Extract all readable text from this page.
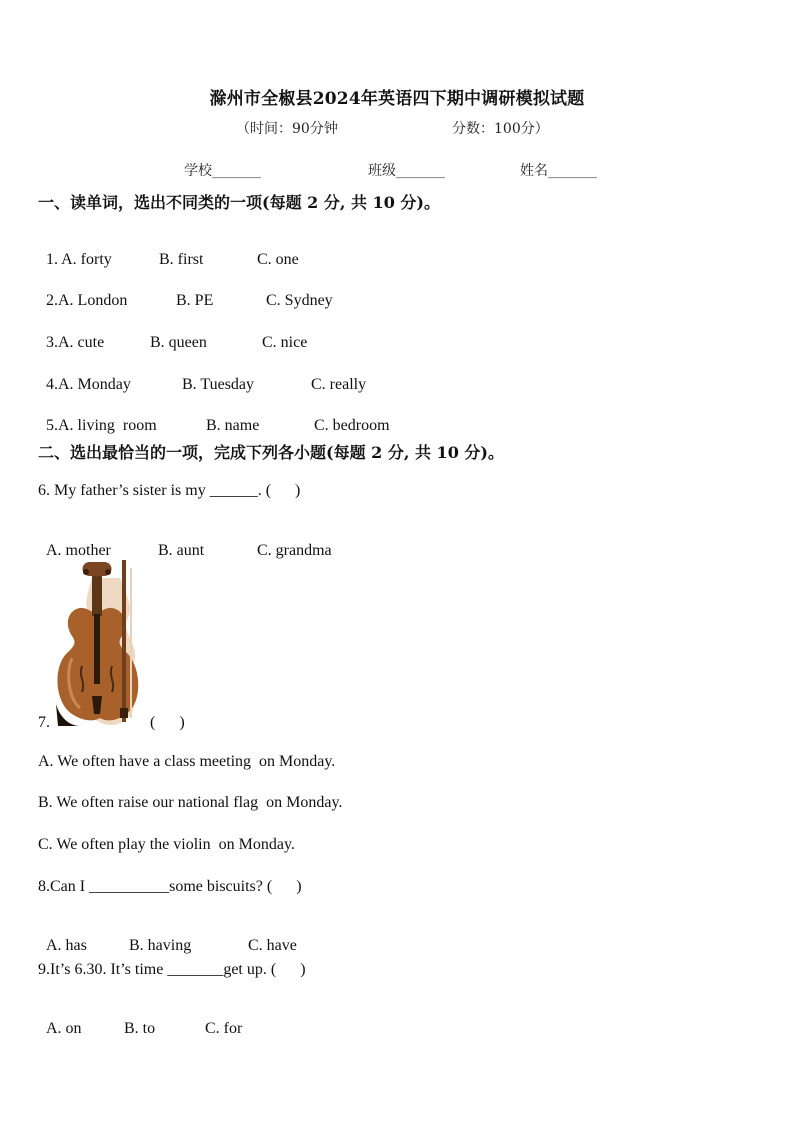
滁州市全椒县2024年英语四下期中调研模拟试题
（时间：90分钟	分数：100分）
学校_______	班级_______	姓名_______
一、读单词，选出不同类的一项(每题 2 分, 共 10 分)。

1. A. forty	B. first	C. one

2.A. London	B. PE	C. Sydney

3.A. cute	B. queen	C. nice

4.A. Monday	B. Tuesday	C. really

5.A. living  room	B. name	C. bedroom

二、选出最恰当的一项，完成下列各小题(每题 2 分, 共 10 分)。
6. My father’s sister is my ______. (      )

A. mother	B. aunt	C. grandma

7.	(      )
A. We often have a class meeting  on Monday.
B. We often raise our national flag  on Monday.
C. We often play the violin  on Monday.
8.Can I __________some biscuits? (      )

A. has	B. having	C. have

9.It’s 6.30. It’s time _______get up. (      )

A. on	B. to	C. for
